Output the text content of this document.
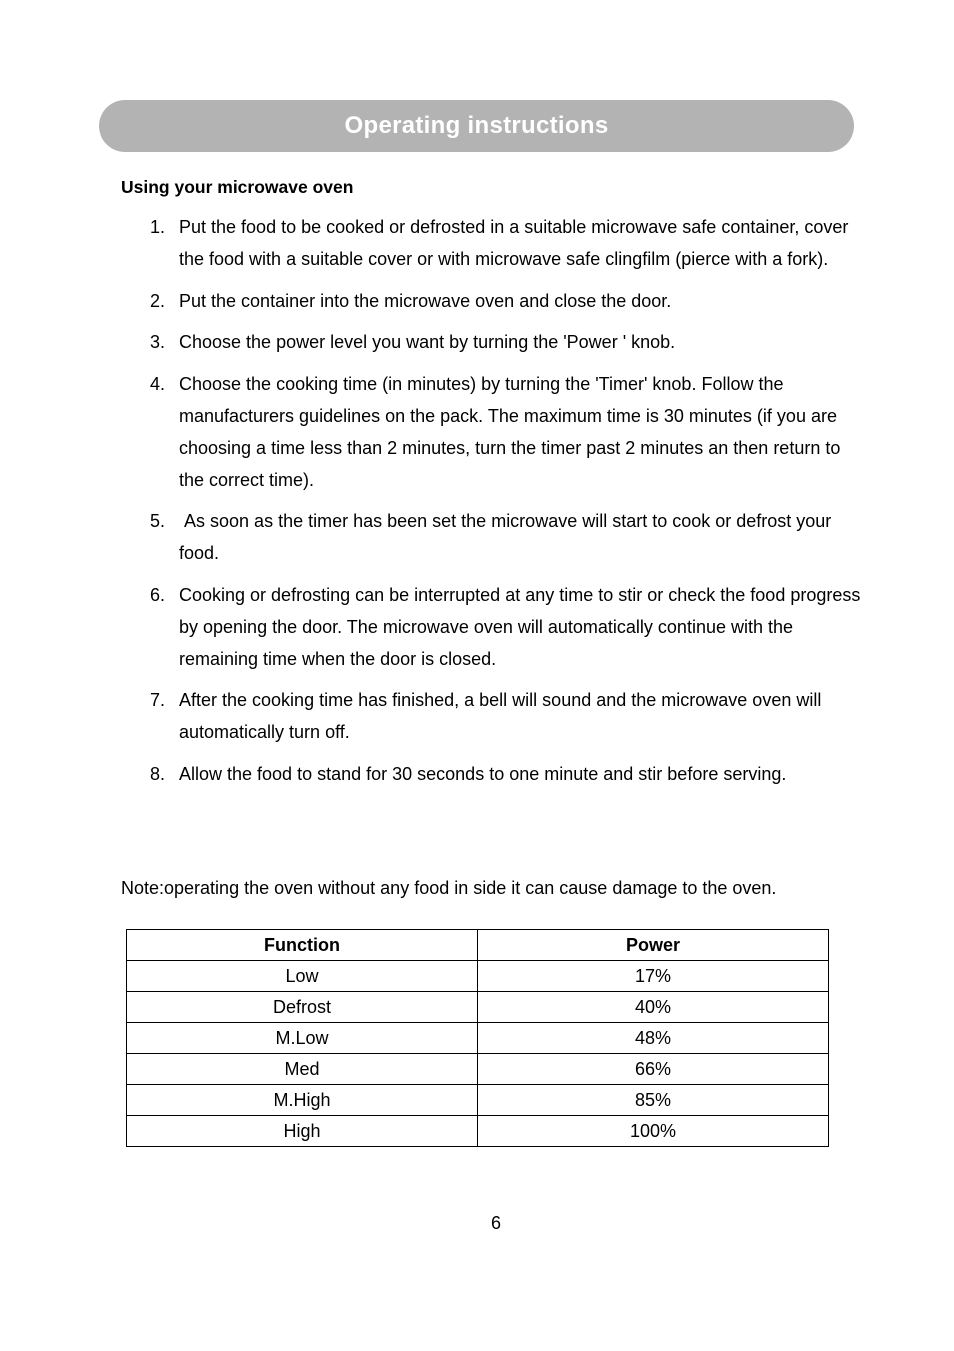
Operating instructions
Using your microwave oven
1. Put the food to be cooked or defrosted in a suitable microwave safe container, cover the food with a suitable cover or with microwave safe clingfilm (pierce with a fork).
2. Put the container into the microwave oven and close the door.
3. Choose the power level you want by turning the 'Power ' knob.
4. Choose the cooking time (in minutes) by turning the 'Timer' knob. Follow the manufacturers guidelines on the pack. The maximum time is 30 minutes (if you are choosing a time less than 2 minutes, turn the timer past 2 minutes an then return to the correct time).
5. As soon as the timer has been set the microwave will start to cook or defrost your food.
6. Cooking or defrosting can be interrupted at any time to stir or check the food progress by opening the door. The microwave oven will automatically continue with the remaining time when the door is closed.
7. After the cooking time has finished, a bell will sound and the microwave oven will automatically turn off.
8. Allow the food to stand for 30 seconds to one minute and stir before serving.
Note:operating the oven without any food in side it can cause damage to the oven.
Function	Power
Low	17%
Defrost	40%
M.Low	48%
Med	66%
M.High	85%
High	100%
6
